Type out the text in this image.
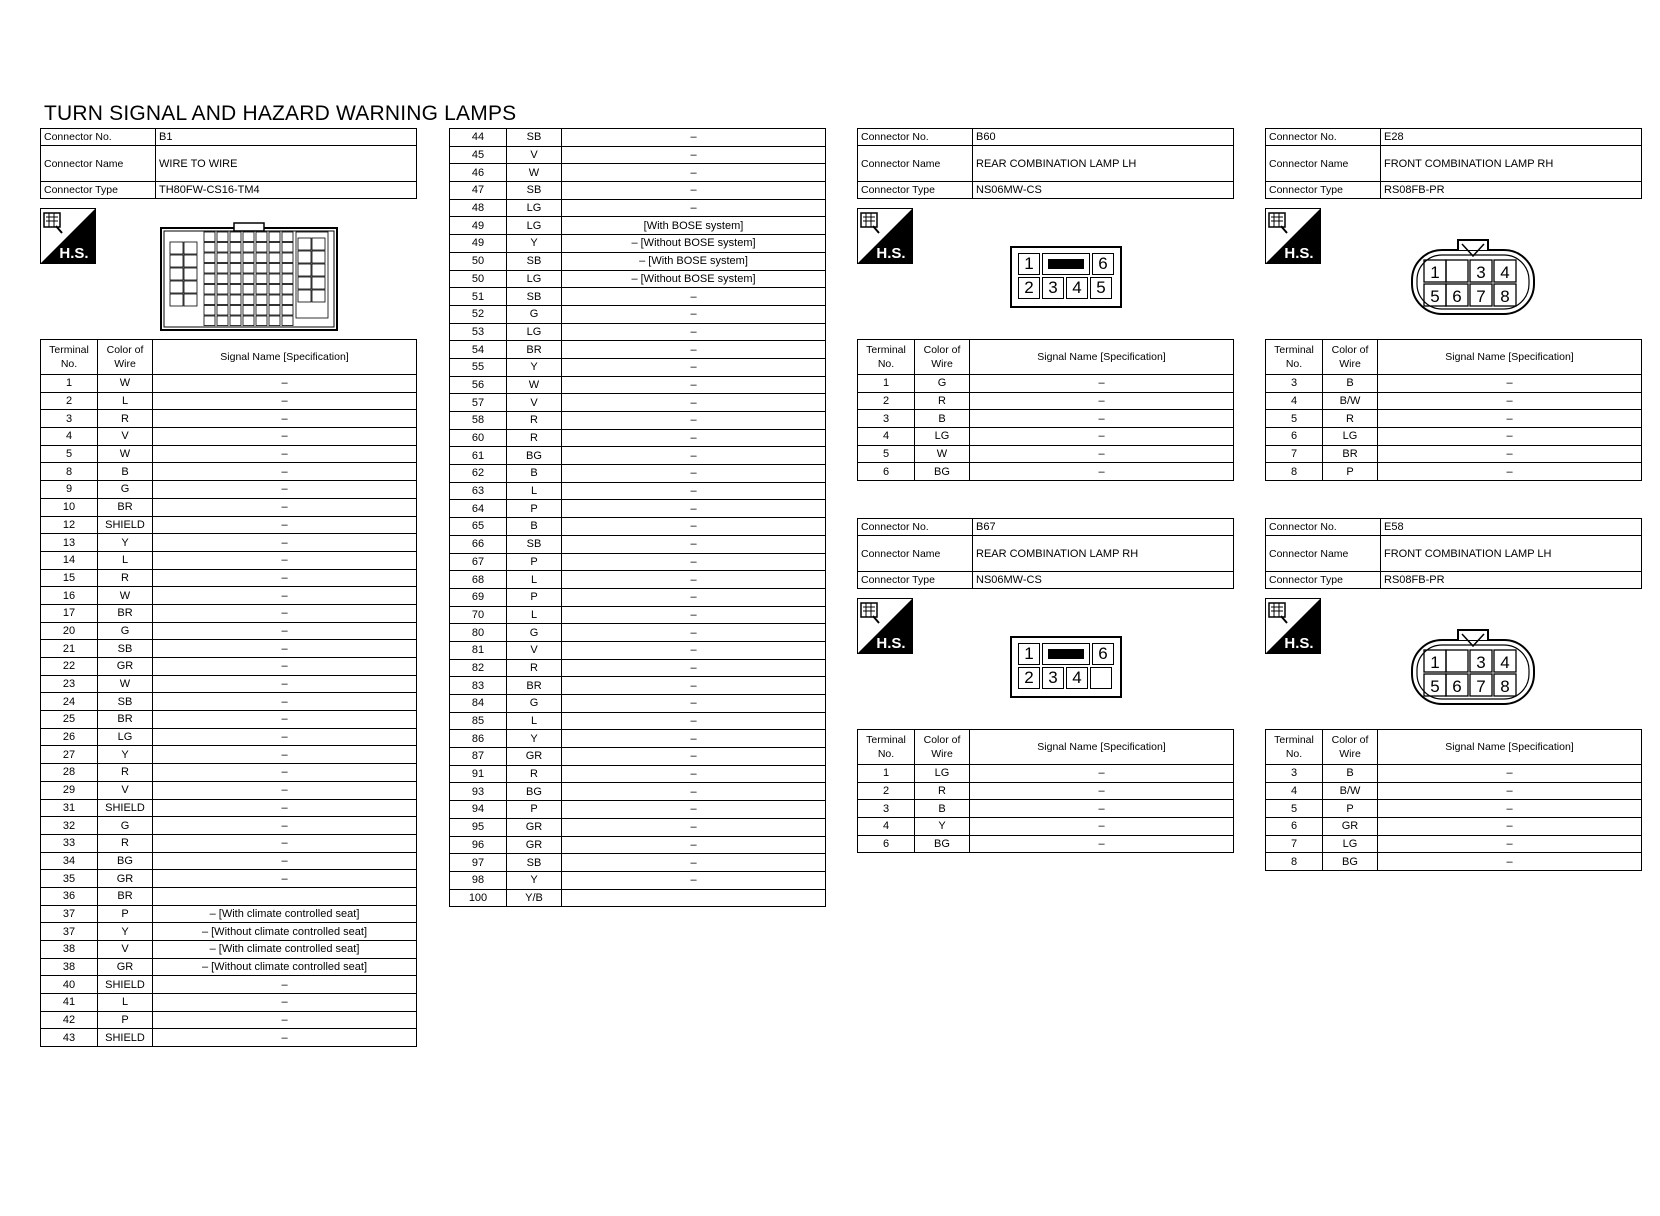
TURN SIGNAL AND HAZARD WARNING LAMPS
Connector No.	B1
Connector Name	WIRE TO WIRE
Connector Type	TH80FW-CS16-TM4
H.S.
Terminal No.	Color of Wire	Signal Name [Specification]
1	W	–
2	L	–
3	R	–
4	V	–
5	W	–
8	B	–
9	G	–
10	BR	–
12	SHIELD	–
13	Y	–
14	L	–
15	R	–
16	W	–
17	BR	–
20	G	–
21	SB	–
22	GR	–
23	W	–
24	SB	–
25	BR	–
26	LG	–
27	Y	–
28	R	–
29	V	–
31	SHIELD	–
32	G	–
33	R	–
34	BG	–
35	GR	–
36	BR	
37	P	– [With climate controlled seat]
37	Y	– [Without climate controlled seat]
38	V	– [With climate controlled seat]
38	GR	– [Without climate controlled seat]
40	SHIELD	–
41	L	–
42	P	–
43	SHIELD	–
44	SB	–
45	V	–
46	W	–
47	SB	–
48	LG	–
49	LG	[With BOSE system]
49	Y	– [Without BOSE system]
50	SB	– [With BOSE system]
50	LG	– [Without BOSE system]
51	SB	–
52	G	–
53	LG	–
54	BR	–
55	Y	–
56	W	–
57	V	–
58	R	–
60	R	–
61	BG	–
62	B	–
63	L	–
64	P	–
65	B	–
66	SB	–
67	P	–
68	L	–
69	P	–
70	L	–
80	G	–
81	V	–
82	R	–
83	BR	–
84	G	–
85	L	–
86	Y	–
87	GR	–
91	R	–
93	BG	–
94	P	–
95	GR	–
96	GR	–
97	SB	–
98	Y	–
100	Y/B	
Connector No.	B60
Connector Name	REAR COMBINATION LAMP LH
Connector Type	NS06MW-CS
H.S.
1	6
2 3 4 5
Terminal No.	Color of Wire	Signal Name [Specification]
1	G	–
2	R	–
3	B	–
4	LG	–
5	W	–
6	BG	–
Connector No.	E28
Connector Name	FRONT COMBINATION LAMP RH
Connector Type	RS08FB-PR
H.S.
1 3 4
5 6 7 8
Terminal No.	Color of Wire	Signal Name [Specification]
3	B	–
4	B/W	–
5	R	–
6	LG	–
7	BR	–
8	P	–
Connector No.	B67
Connector Name	REAR COMBINATION LAMP RH
Connector Type	NS06MW-CS
H.S.
1	6
2 3 4
Terminal No.	Color of Wire	Signal Name [Specification]
1	LG	–
2	R	–
3	B	–
4	Y	–
6	BG	–
Connector No.	E58
Connector Name	FRONT COMBINATION LAMP LH
Connector Type	RS08FB-PR
H.S.
1 3 4
5 6 7 8
Terminal No.	Color of Wire	Signal Name [Specification]
3	B	–
4	B/W	–
5	P	–
6	GR	–
7	LG	–
8	BG	–
